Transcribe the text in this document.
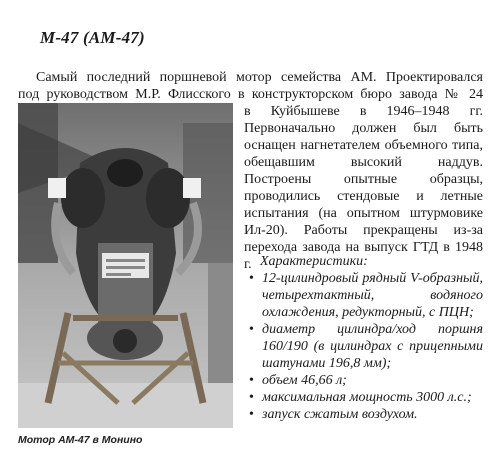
М-47 (АМ-47)

Самый последний поршневой мотор семейства АМ. Проектировался

под руководством М.Р. Флисского в конструкторском бюро завода № 24

в Куйбышеве в 1946–1948 гг. Первоначально должен был быть оснащен нагнетателем объемного типа, обещавшим высокий наддув. Построены опытные образцы, проводились стендовые и летные испытания (на опытном штурмовике Ил-20). Работы прекращены из-за перехода завода на выпуск ГТД в 1948 г. Характеристики:

• 12-цилиндровый рядный V-образный, четырехтактный, водяного охлаждения, редукторный, с ПЦН;
• диаметр цилиндра/ход поршня 160/190 (в цилиндрах с прицепными шатунами 196,8 мм);
• объем 46,66 л;
• максимальная мощность 3000 л.с.;
• запуск сжатым воздухом.

Мотор АМ-47 в Монино
